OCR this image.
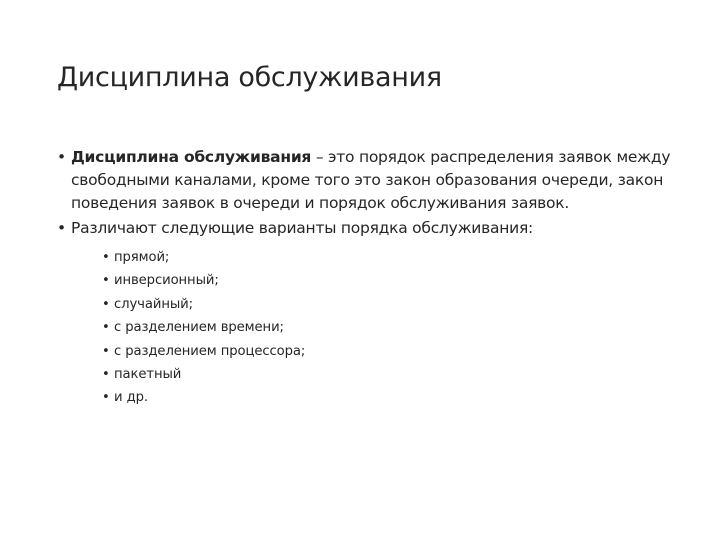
Дисциплина обслуживания
• Дисциплина обслуживания – это порядок распределения заявок между свободными каналами, кроме того это закон образования очереди, закон поведения заявок в очереди и порядок обслуживания заявок.
• Различают следующие варианты порядка обслуживания:
• прямой;
• инверсионный;
• случайный;
• с разделением времени;
• с разделением процессора;
• пакетный
• и др.
